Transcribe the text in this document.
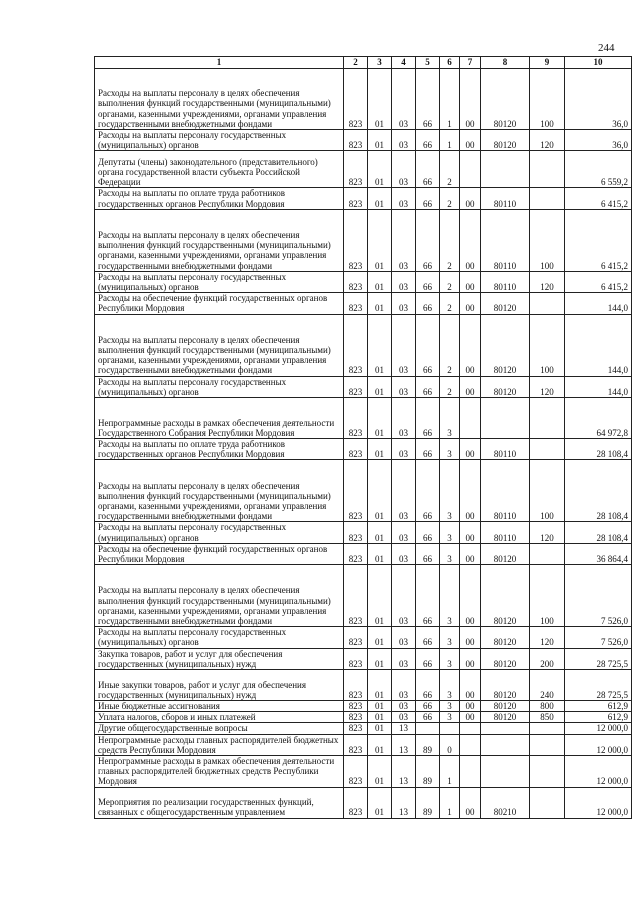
244
1	2	3	4	5	6	7	8	9	10
Расходы на выплаты персоналу в целях обеспечения выполнения функций государственными (муниципальными) органами, казенными учреждениями, органами управления государственными внебюджетными фондами	823	01	03	66	1	00	80120	100	36,0
Расходы на выплаты персоналу государственных (муниципальных) органов	823	01	03	66	1	00	80120	120	36,0
Депутаты (члены) законодательного (представительного) органа государственной власти субъекта Российской Федерации	823	01	03	66	2				6 559,2
Расходы на выплаты по оплате труда работников государственных органов Республики Мордовия	823	01	03	66	2	00	80110		6 415,2
Расходы на выплаты персоналу в целях обеспечения выполнения функций государственными (муниципальными) органами, казенными учреждениями, органами управления государственными внебюджетными фондами	823	01	03	66	2	00	80110	100	6 415,2
Расходы на выплаты персоналу государственных (муниципальных) органов	823	01	03	66	2	00	80110	120	6 415,2
Расходы на обеспечение функций государственных органов Республики Мордовия	823	01	03	66	2	00	80120		144,0
Расходы на выплаты персоналу в целях обеспечения выполнения функций государственными (муниципальными) органами, казенными учреждениями, органами управления государственными внебюджетными фондами	823	01	03	66	2	00	80120	100	144,0
Расходы на выплаты персоналу государственных (муниципальных) органов	823	01	03	66	2	00	80120	120	144,0
Непрограммные расходы в рамках обеспечения деятельности Государственного Собрания Республики Мордовия	823	01	03	66	3				64 972,8
Расходы на выплаты по оплате труда работников государственных органов Республики Мордовия	823	01	03	66	3	00	80110		28 108,4
Расходы на выплаты персоналу в целях обеспечения выполнения функций государственными (муниципальными) органами, казенными учреждениями, органами управления государственными внебюджетными фондами	823	01	03	66	3	00	80110	100	28 108,4
Расходы на выплаты персоналу государственных (муниципальных) органов	823	01	03	66	3	00	80110	120	28 108,4
Расходы на обеспечение функций государственных органов Республики Мордовия	823	01	03	66	3	00	80120		36 864,4
Расходы на выплаты персоналу в целях обеспечения выполнения функций государственными (муниципальными) органами, казенными учреждениями, органами управления государственными внебюджетными фондами	823	01	03	66	3	00	80120	100	7 526,0
Расходы на выплаты персоналу государственных (муниципальных) органов	823	01	03	66	3	00	80120	120	7 526,0
Закупка товаров, работ и услуг для обеспечения государственных (муниципальных) нужд	823	01	03	66	3	00	80120	200	28 725,5
Иные закупки товаров, работ и услуг для обеспечения государственных (муниципальных) нужд	823	01	03	66	3	00	80120	240	28 725,5
Иные бюджетные ассигнования	823	01	03	66	3	00	80120	800	612,9
Уплата налогов, сборов и иных платежей	823	01	03	66	3	00	80120	850	612,9
Другие общегосударственные вопросы	823	01	13						12 000,0
Непрограммные расходы главных распорядителей бюджетных средств Республики Мордовия	823	01	13	89	0				12 000,0
Непрограммные расходы в рамках обеспечения деятельности главных распорядителей бюджетных средств Республики Мордовия	823	01	13	89	1				12 000,0
Мероприятия по реализации государственных функций, связанных с общегосударственным управлением	823	01	13	89	1	00	80210		12 000,0
